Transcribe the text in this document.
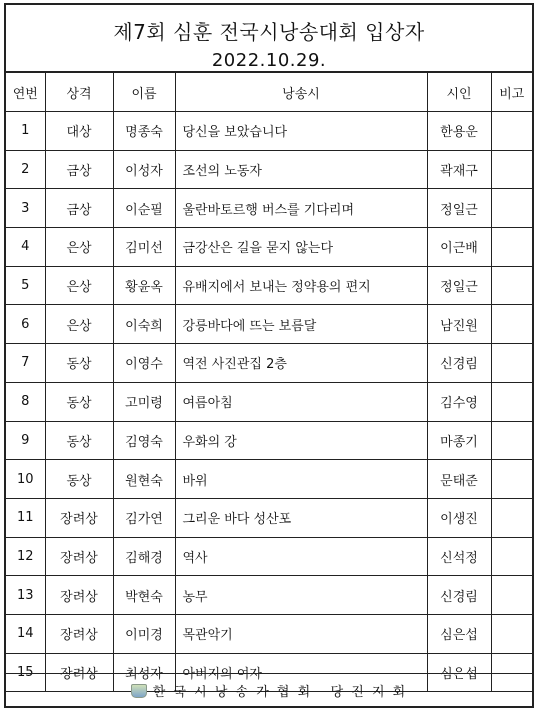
제7회 심훈 전국시낭송대회 입상자
2022.10.29.
연번	상격	이름	낭송시	시인	비고
1	대상	명종숙	당신을 보았습니다	한용운	
2	금상	이성자	조선의 노동자	곽재구	
3	금상	이순필	울란바토르행 버스를 기다리며	정일근	
4	은상	김미선	금강산은 길을 묻지 않는다	이근배	
5	은상	황윤옥	유배지에서 보내는 정약용의 편지	정일근	
6	은상	이숙희	강릉바다에 뜨는 보름달	남진원	
7	동상	이영수	역전 사진관집 2층	신경림	
8	동상	고미령	여름아침	김수영	
9	동상	김영숙	우화의 강	마종기	
10	동상	원현숙	바위	문태준	
11	장려상	김가연	그리운 바다 성산포	이생진	
12	장려상	김해경	역사	신석정	
13	장려상	박현숙	농무	신경림	
14	장려상	이미경	목관악기	심은섭	
15	장려상	최성자	아버지의 여자	심은섭	
한 국 시 낭 송 가 협 회   당 진 지 회
